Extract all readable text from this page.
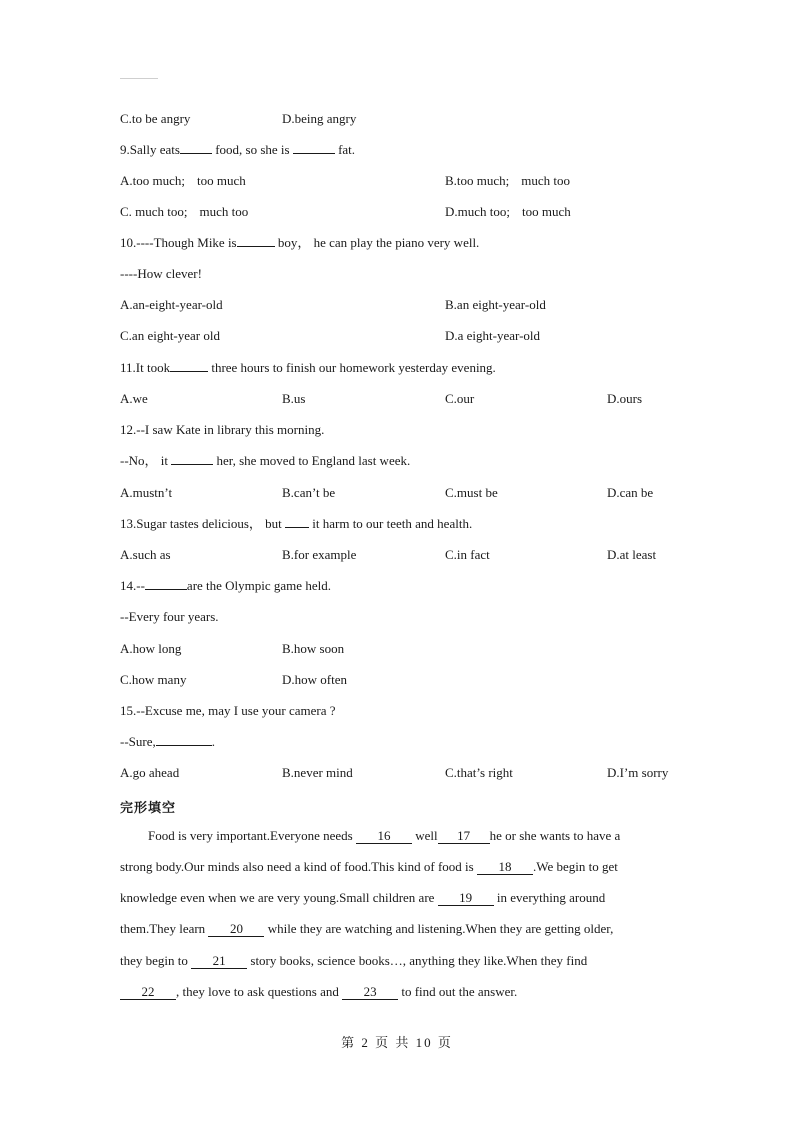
C.to be angry	D.being angry
9.Sally eats food, so she is	fat.
A.too much; too much	B.too much; much too
C. much too; much too	D.much too; too much
10.----Though Mike is	boy， he can play the piano very well.
----How clever!
A.an-eight-year-old	B.an eight-year-old
C.an eight-year old	D.a eight-year-old
11.It took	three hours to finish our homework yesterday evening.
A.we	B.us	C.our	D.ours
12.--I saw Kate in library this morning.
--No， it	her, she moved to England last week.
A.mustn’t	B.can’t be	C.must be	D.can be
13.Sugar tastes delicious， but  it harm to our teeth and health.
A.such as	B.for example	C.in fact	D.at least
14.--	are the Olympic game held.
--Every four years.
A.how long	B.how soon
C.how many	D.how often
15.--Excuse me, may I use your camera ?
--Sure,	.
A.go ahead	B.never mind	C.that’s right	D.I’m sorry
完形填空
Food is very important.Everyone needs 16 well 17 he or she wants to have a
strong body.Our minds also need a kind of food.This kind of food is 18 .We begin to get
knowledge even when we are very young.Small children are 19 in everything around
them.They learn 20 while they are watching and listening.When they are getting older,
they begin to 21 story books, science books…, anything they like.When they find
22 , they love to ask questions and 23 to find out the answer.
第 2 页 共 10 页
